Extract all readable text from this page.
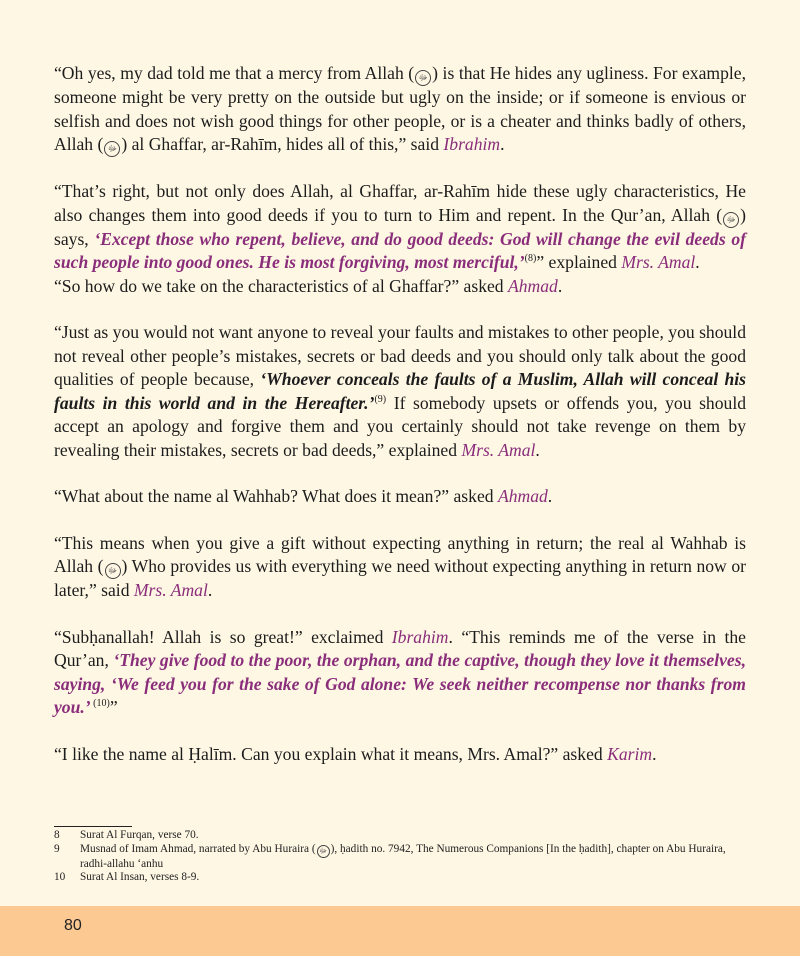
“Oh yes, my dad told me that a mercy from Allah ( ﷻ ) is that He hides any ugliness. For example, someone might be very pretty on the outside but ugly on the inside; or if someone is envious or selfish and does not wish good things for other people, or is a cheater and thinks badly of others, Allah ( ﷻ ) al Ghaffar, ar-Rahīm, hides all of this,” said Ibrahim.

“That’s right, but not only does Allah, al Ghaffar, ar-Rahīm hide these ugly characteristics, He also changes them into good deeds if you to turn to Him and repent. In the Qur’an, Allah ( ﷻ ) says, ‘Except those who repent, believe, and do good deeds: God will change the evil deeds of such people into good ones. He is most forgiving, most merciful,’$^{(8)}$” explained Mrs. Amal.

“So how do we take on the characteristics of al Ghaffar?” asked Ahmad.

“Just as you would not want anyone to reveal your faults and mistakes to other people, you should not reveal other people’s mistakes, secrets or bad deeds and you should only talk about the good qualities of people because, ‘Whoever conceals the faults of a Muslim, Allah will conceal his faults in this world and in the Hereafter.’$^{(9)}$ If somebody upsets or offends you, you should accept an apology and forgive them and you certainly should not take revenge on them by revealing their mistakes, secrets or bad deeds,” explained Mrs. Amal.

“What about the name al Wahhab? What does it mean?” asked Ahmad.

“This means when you give a gift without expecting anything in return; the real al Wahhab is Allah ( ﷻ ) Who provides us with everything we need without expecting anything in return now or later,” said Mrs. Amal.

“Subḥanallah! Allah is so great!” exclaimed Ibrahim. “This reminds me of the verse in the Qur’an, ‘They give food to the poor, the orphan, and the captive, though they love it themselves, saying, ‘We feed you for the sake of God alone: We seek neither recompense nor thanks from you.’ $^{(10)}$”

“I like the name al Ḥalīm. Can you explain what it means, Mrs. Amal?” asked Karim.

8	Surat Al Furqan, verse 70.
9	Musnad of Imam Ahmad, narrated by Abu Huraira ( ﷻ ), ḥadith no. 7942, The Numerous Companions [In the ḥadith], chapter on Abu Huraira, radhi-allahu ‘anhu
10	Surat Al Insan, verses 8-9.
80
